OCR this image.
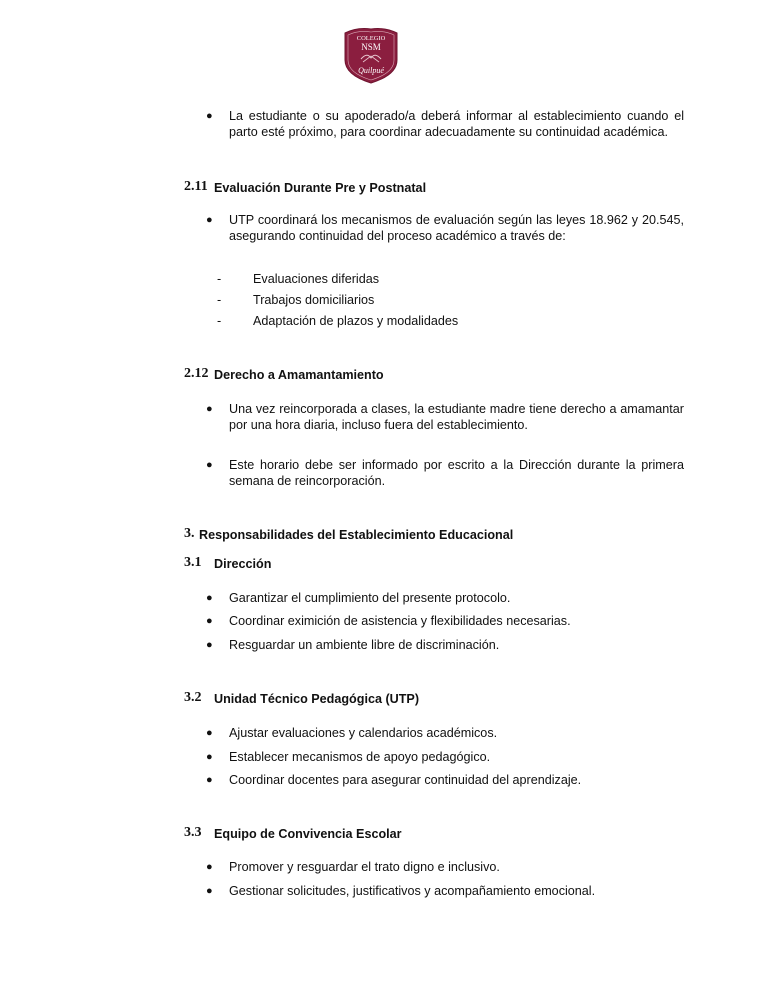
COLEGIO
NSM
Quilpué
● La estudiante o su apoderado/a deberá informar al establecimiento cuando el parto esté próximo, para coordinar adecuadamente su continuidad académica.
2.11 Evaluación Durante Pre y Postnatal
● UTP coordinará los mecanismos de evaluación según las leyes 18.962 y 20.545, asegurando continuidad del proceso académico a través de:
-	Evaluaciones diferidas
-	Trabajos domiciliarios
-	Adaptación de plazos y modalidades
2.12 Derecho a Amamantamiento
● Una vez reincorporada a clases, la estudiante madre tiene derecho a amamantar por una hora diaria, incluso fuera del establecimiento.
● Este horario debe ser informado por escrito a la Dirección durante la primera semana de reincorporación.
3. Responsabilidades del Establecimiento Educacional
3.1 Dirección
● Garantizar el cumplimiento del presente protocolo.
● Coordinar eximición de asistencia y flexibilidades necesarias.
● Resguardar un ambiente libre de discriminación.
3.2 Unidad Técnico Pedagógica (UTP)
● Ajustar evaluaciones y calendarios académicos.
● Establecer mecanismos de apoyo pedagógico.
● Coordinar docentes para asegurar continuidad del aprendizaje.
3.3 Equipo de Convivencia Escolar
● Promover y resguardar el trato digno e inclusivo.
● Gestionar solicitudes, justificativos y acompañamiento emocional.
